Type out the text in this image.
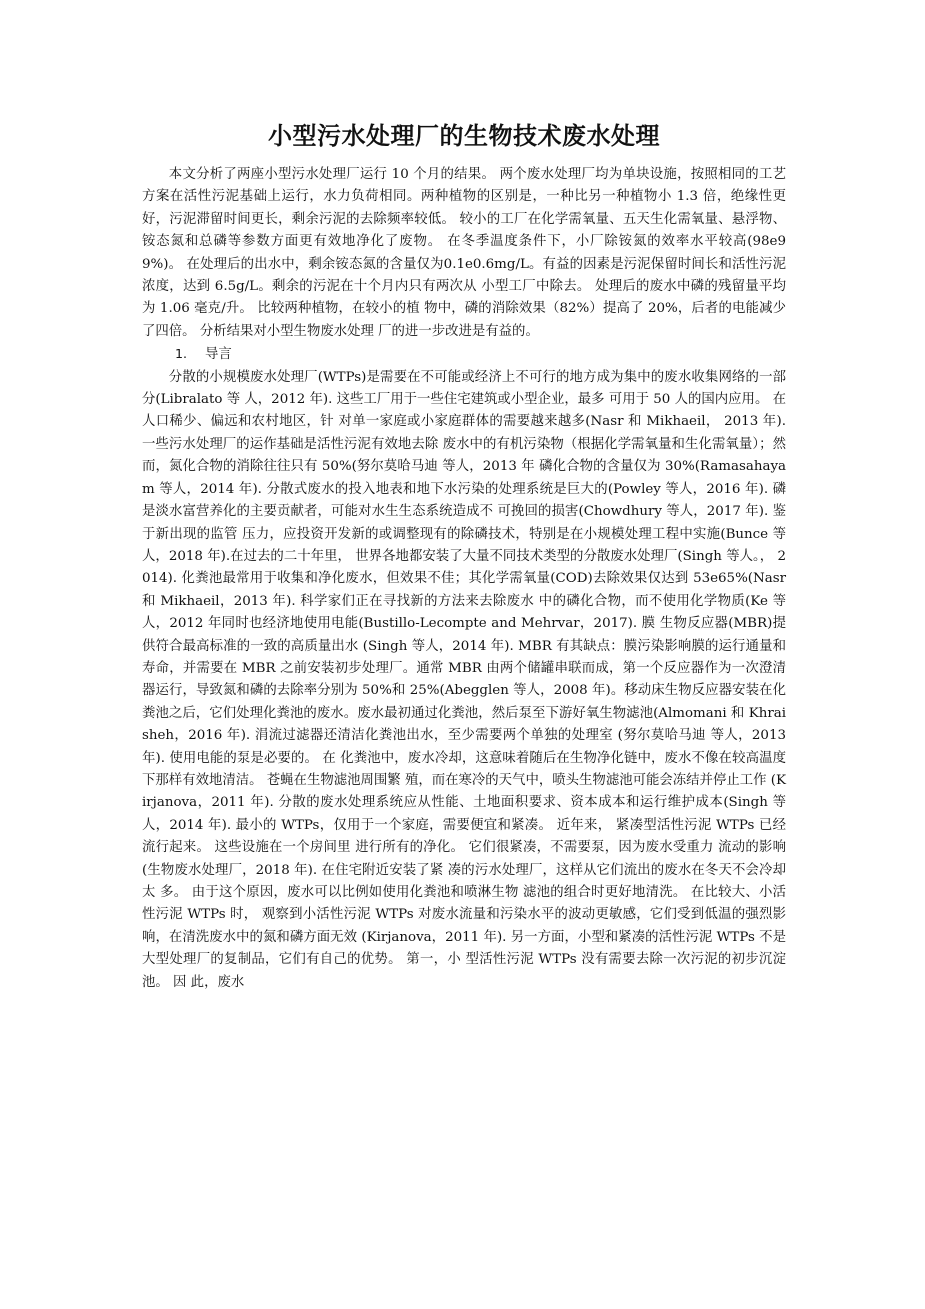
小型污水处理厂的生物技术废水处理

本文分析了两座小型污水处理厂运行 10 个月的结果。 两个废水处理厂均为单块设施，按照相同的工艺方案在活性污泥基础上运行，水力负荷相同。两种植物的区别是，一种比另一种植物小 1.3 倍，绝缘性更好，污泥滞留时间更长，剩余污泥的去除频率较低。 较小的工厂在化学需氧量、五天生化需氧量、悬浮物、铵态氮和总磷等参数方面更有效地净化了废物。 在冬季温度条件下，小厂除铵氮的效率水平较高(98e99%)。 在处理后的出水中，剩余铵态氮的含量仅为0.1e0.6mg/L。有益的因素是污泥保留时间长和活性污泥浓度，达到 6.5g/L。剩余的污泥在十个月内只有两次从 小型工厂中除去。 处理后的废水中磷的残留量平均为 1.06 毫克/升。 比较两种植物，在较小的植 物中，磷的消除效果（82%）提高了 20%，后者的电能减少了四倍。 分析结果对小型生物废水处理 厂的进一步改进是有益的。

1. 导言

分散的小规模废水处理厂(WTPs)是需要在不可能或经济上不可行的地方成为集中的废水收集网络的一部分(Libralato 等 人，2012 年). 这些工厂用于一些住宅建筑或小型企业，最多 可用于 50 人的国内应用。 在人口稀少、偏远和农村地区，针 对单一家庭或小家庭群体的需要越来越多(Nasr 和 Mikhaeil， 2013 年). 一些污水处理厂的运作基础是活性污泥有效地去除 废水中的有机污染物（根据化学需氧量和生化需氧量）；然 而，氮化合物的消除往往只有 50%(努尔莫哈马迪 等人，2013 年 磷化合物的含量仅为 30%(Ramasahayam 等人，2014 年). 分散式废水的投入地表和地下水污染的处理系统是巨大的(Powley 等人，2016 年). 磷是淡水富营养化的主要贡献者，可能对水生生态系统造成不 可挽回的损害(Chowdhury 等人，2017 年). 鉴于新出现的监管 压力，应投资开发新的或调整现有的除磷技术，特别是在小规模处理工程中实施(Bunce 等人，2018 年).在过去的二十年里， 世界各地都安装了大量不同技术类型的分散废水处理厂(Singh 等人。， 2014). 化粪池最常用于收集和净化废水，但效果不佳；其化学需氧量(COD)去除效果仅达到 53e65%(Nasr 和 Mikhaeil，2013 年). 科学家们正在寻找新的方法来去除废水 中的磷化合物，而不使用化学物质(Ke 等人，2012 年同时也经济地使用电能(Bustillo-Lecompte and Mehrvar，2017). 膜 生物反应器(MBR)提供符合最高标准的一致的高质量出水 (Singh 等人，2014 年). MBR 有其缺点：膜污染影响膜的运行通量和寿命，并需要在 MBR 之前安装初步处理厂。通常 MBR 由两个储罐串联而成，第一个反应器作为一次澄清器运行，导致氮和磷的去除率分别为 50%和 25%(Abegglen 等人，2008 年)。移动床生物反应器安装在化粪池之后，它们处理化粪池的废水。废水最初通过化粪池，然后泵至下游好氧生物滤池(Almomani 和 Khraisheh，2016 年). 涓流过滤器还清洁化粪池出水，至少需要两个单独的处理室 (努尔莫哈马迪 等人，2013 年). 使用电能的泵是必要的。 在 化粪池中，废水冷却，这意味着随后在生物净化链中，废水不像在较高温度下那样有效地清洁。 苍蝇在生物滤池周围繁 殖，而在寒冷的天气中，喷头生物滤池可能会冻结并停止工作 (Kirjanova，2011 年). 分散的废水处理系统应从性能、土地面积要求、资本成本和运行维护成本(Singh 等人，2014 年). 最小的 WTPs，仅用于一个家庭，需要便宜和紧凑。 近年来， 紧凑型活性污泥 WTPs 已经流行起来。 这些设施在一个房间里 进行所有的净化。 它们很紧凑，不需要泵，因为废水受重力 流动的影响(生物废水处理厂，2018 年). 在住宅附近安装了紧 凑的污水处理厂，这样从它们流出的废水在冬天不会冷却太 多。 由于这个原因，废水可以比例如使用化粪池和喷淋生物 滤池的组合时更好地清洗。 在比较大、小活性污泥 WTPs 时， 观察到小活性污泥 WTPs 对废水流量和污染水平的波动更敏感，它们受到低温的强烈影响，在清洗废水中的氮和磷方面无效 (Kirjanova，2011 年). 另一方面，小型和紧凑的活性污泥 WTPs 不是大型处理厂的复制品，它们有自己的优势。 第一，小 型活性污泥 WTPs 没有需要去除一次污泥的初步沉淀池。 因 此，废水
